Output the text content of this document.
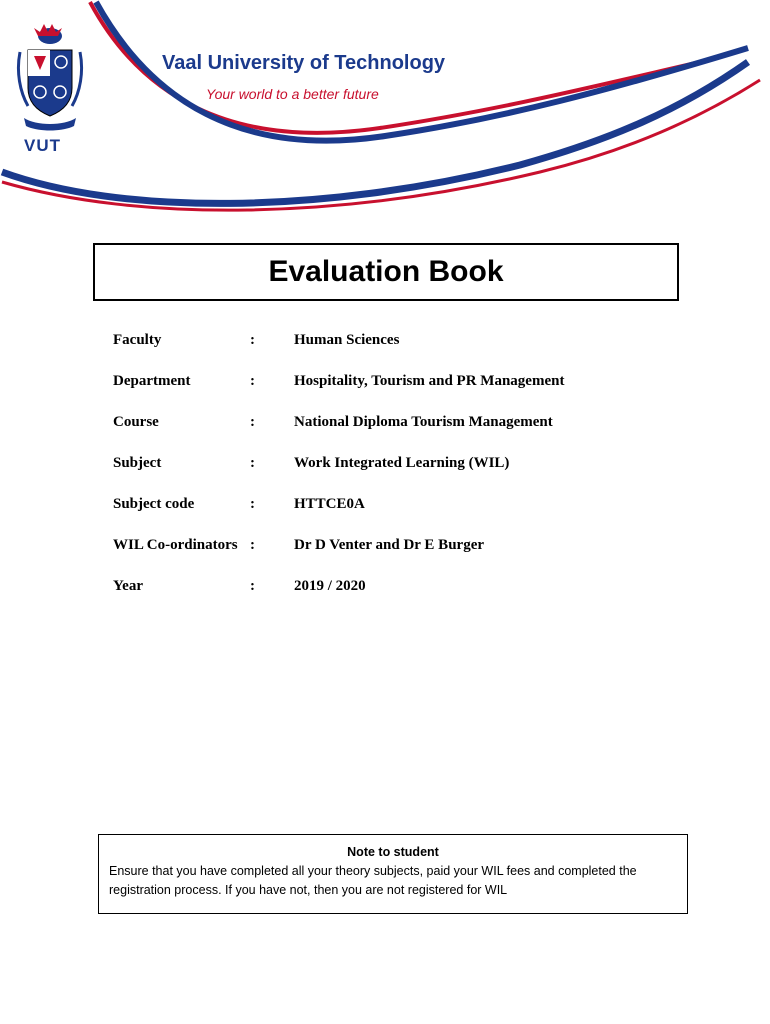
VUT
Vaal University of Technology
Your world to a better future
Evaluation Book
Faculty	:	Human Sciences
Department	:	Hospitality, Tourism and PR Management
Course	:	National Diploma Tourism Management
Subject	:	Work Integrated Learning (WIL)
Subject code	:	HTTCE0A
WIL Co-ordinators :	Dr D Venter and Dr E Burger
Year	:	2019 / 2020
Note to student
Ensure that you have completed all your theory subjects, paid your WIL fees and completed the registration process. If you have not, then you are not registered for WIL
